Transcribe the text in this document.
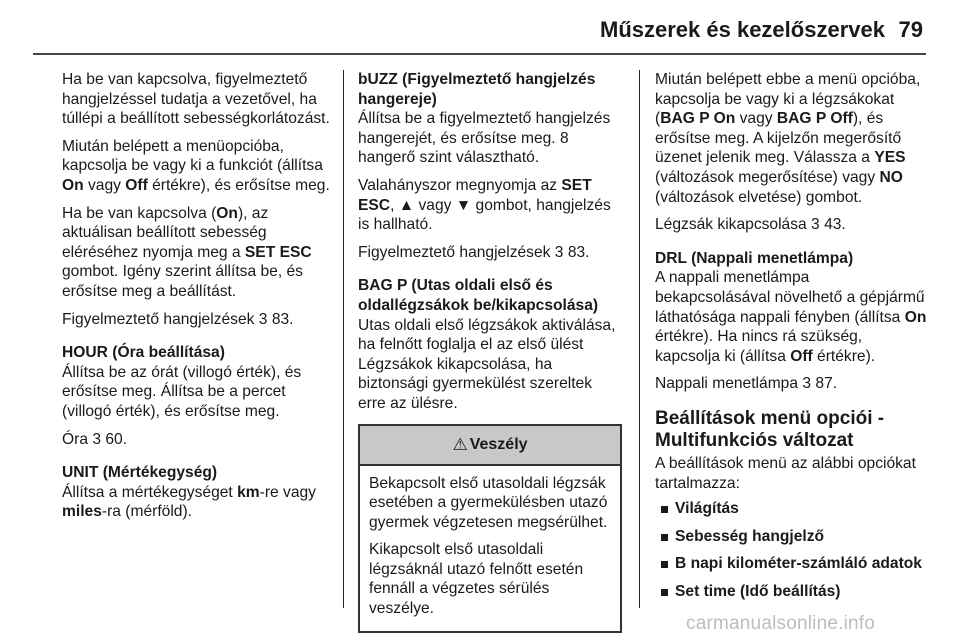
Műszerek és kezelőszervek 79

Ha be van kapcsolva, figyelmeztető hangjelzéssel tudatja a vezetővel, ha túllépi a beállított sebességkorlátozást.

Miután belépett a menüopcióba, kapcsolja be vagy ki a funkciót (állítsa On vagy Off értékre), és erősítse meg.

Ha be van kapcsolva (On), az aktuálisan beállított sebesség eléréséhez nyomja meg a SET ESC gombot. Igény szerint állítsa be, és erősítse meg a beállítást.

Figyelmeztető hangjelzések 3 83.

HOUR (Óra beállítása)

Állítsa be az órát (villogó érték), és erősítse meg. Állítsa be a percet (villogó érték), és erősítse meg.

Óra 3 60.

UNIT (Mértékegység)

Állítsa a mértékegységet km-re vagy miles-ra (mérföld).

bUZZ (Figyelmeztető hangjelzés hangereje)

Állítsa be a figyelmeztető hangjelzés hangerejét, és erősítse meg. 8 hangerő szint választható.

Valahányszor megnyomja az SET ESC, ▲ vagy ▼ gombot, hangjelzés is hallható.

Figyelmeztető hangjelzések 3 83.

BAG P (Utas oldali első és oldallégzsákok be/kikapcsolása)

Utas oldali első légzsákok aktiválása, ha felnőtt foglalja el az első ülést Légzsákok kikapcsolása, ha biztonsági gyermekülést szereltek erre az ülésre.

⚠ Veszély

Bekapcsolt első utasoldali légzsák esetében a gyermekülésben utazó gyermek végzetesen megsérülhet.

Kikapcsolt első utasoldali légzsáknál utazó felnőtt esetén fennáll a végzetes sérülés veszélye.

Miután belépett ebbe a menü opcióba, kapcsolja be vagy ki a légzsákokat (BAG P On vagy BAG P Off), és erősítse meg. A kijelzőn megerősítő üzenet jelenik meg. Válassza a YES (változások megerősítése) vagy NO (változások elvetése) gombot.

Légzsák kikapcsolása 3 43.

DRL (Nappali menetlámpa)

A nappali menetlámpa bekapcsolásával növelhető a gépjármű láthatósága nappali fényben (állítsa On értékre). Ha nincs rá szükség, kapcsolja ki (állítsa Off értékre).

Nappali menetlámpa 3 87.

Beállítások menü opciói - Multifunkciós változat

A beállítások menü az alábbi opciókat tartalmazza:

Világítás
Sebesség hangjelző
B napi kilométer-számláló adatok
Set time (Idő beállítás)
carmanualsonline.info
